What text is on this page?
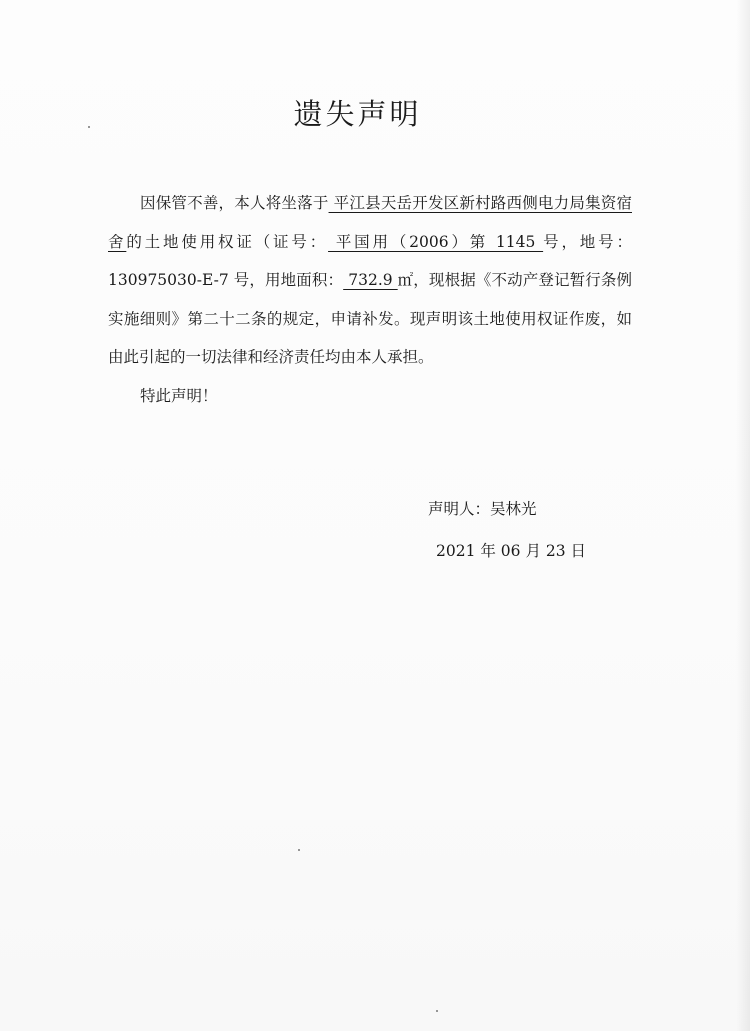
遗失声明

因保管不善，本人将坐落于 平江县天岳开发区新村路西侧电力局集资宿舍的土地使用权证（证号： 平国用（2006）第 1145 号，地号：130975030-E-7 号，用地面积： 732.9 ㎡，现根据《不动产登记暂行条例实施细则》第二十二条的规定，申请补发。现声明该土地使用权证作废，如由此引起的一切法律和经济责任均由本人承担。

特此声明！

声明人：吴林光
2021 年 06 月 23 日
